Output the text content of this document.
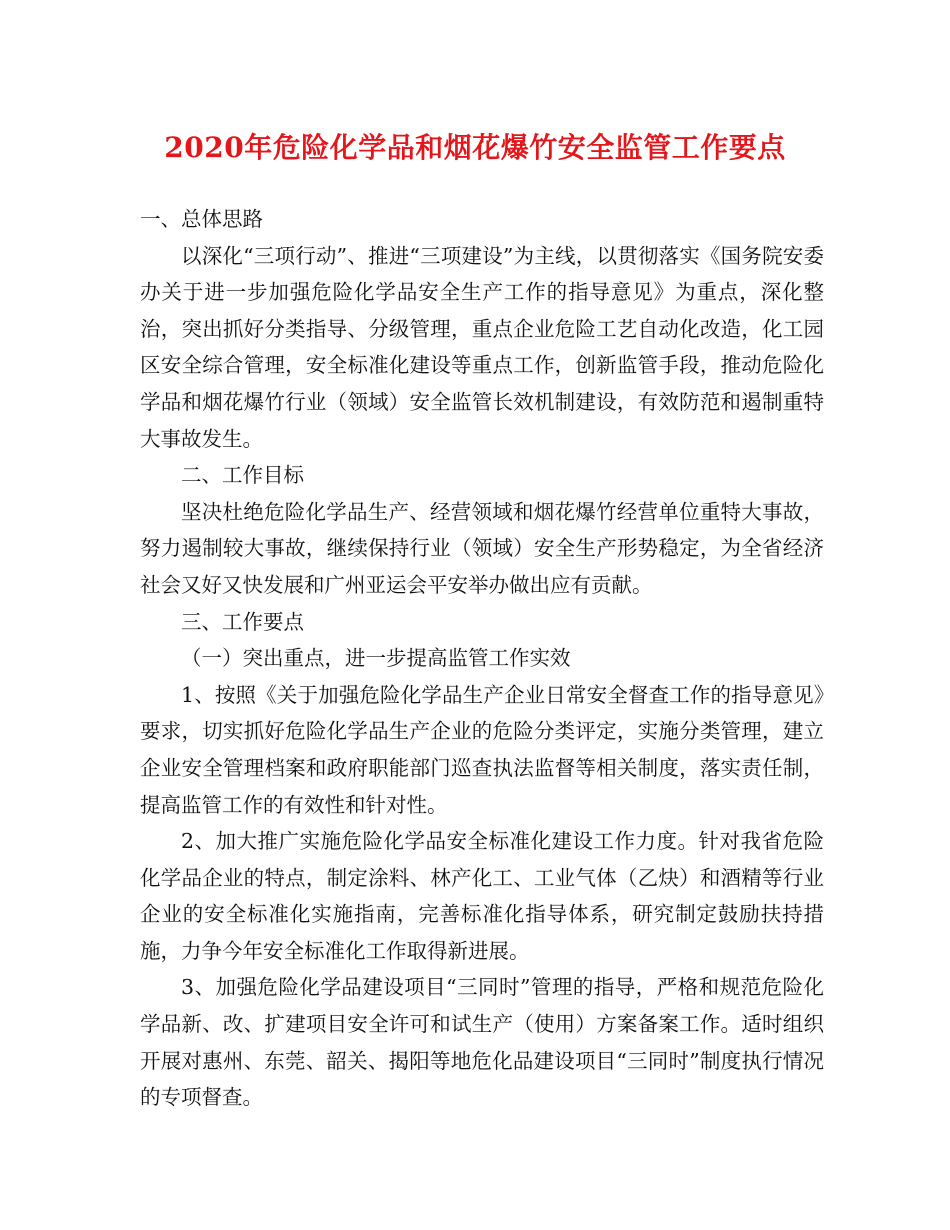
2020年危险化学品和烟花爆竹安全监管工作要点

一、总体思路

以深化“三项行动”、推进“三项建设”为主线，以贯彻落实《国务院安委办关于进一步加强危险化学品安全生产工作的指导意见》为重点，深化整治，突出抓好分类指导、分级管理，重点企业危险工艺自动化改造，化工园区安全综合管理，安全标准化建设等重点工作，创新监管手段，推动危险化学品和烟花爆竹行业（领域）安全监管长效机制建设，有效防范和遏制重特大事故发生。

二、工作目标

坚决杜绝危险化学品生产、经营领域和烟花爆竹经营单位重特大事故，努力遏制较大事故，继续保持行业（领域）安全生产形势稳定，为全省经济社会又好又快发展和广州亚运会平安举办做出应有贡献。

三、工作要点

（一）突出重点，进一步提高监管工作实效

1、按照《关于加强危险化学品生产企业日常安全督查工作的指导意见》要求，切实抓好危险化学品生产企业的危险分类评定，实施分类管理，建立企业安全管理档案和政府职能部门巡查执法监督等相关制度，落实责任制，提高监管工作的有效性和针对性。

2、加大推广实施危险化学品安全标准化建设工作力度。针对我省危险化学品企业的特点，制定涂料、林产化工、工业气体（乙炔）和酒精等行业企业的安全标准化实施指南，完善标准化指导体系，研究制定鼓励扶持措施，力争今年安全标准化工作取得新进展。

3、加强危险化学品建设项目“三同时”管理的指导，严格和规范危险化学品新、改、扩建项目安全许可和试生产（使用）方案备案工作。适时组织开展对惠州、东莞、韶关、揭阳等地危化品建设项目“三同时”制度执行情况的专项督查。
